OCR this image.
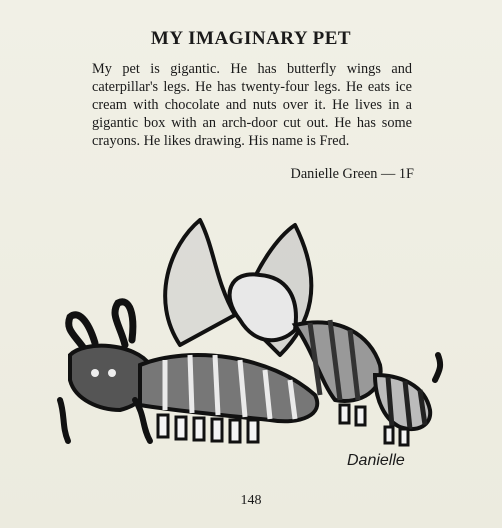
MY IMAGINARY PET
My pet is gigantic. He has butterfly wings and caterpillar's legs. He has twenty-four legs. He eats ice cream with chocolate and nuts over it. He lives in a gigantic box with an arch-door cut out. He has some crayons. He likes drawing. His name is Fred.
Danielle Green — 1F
Danielle
148
